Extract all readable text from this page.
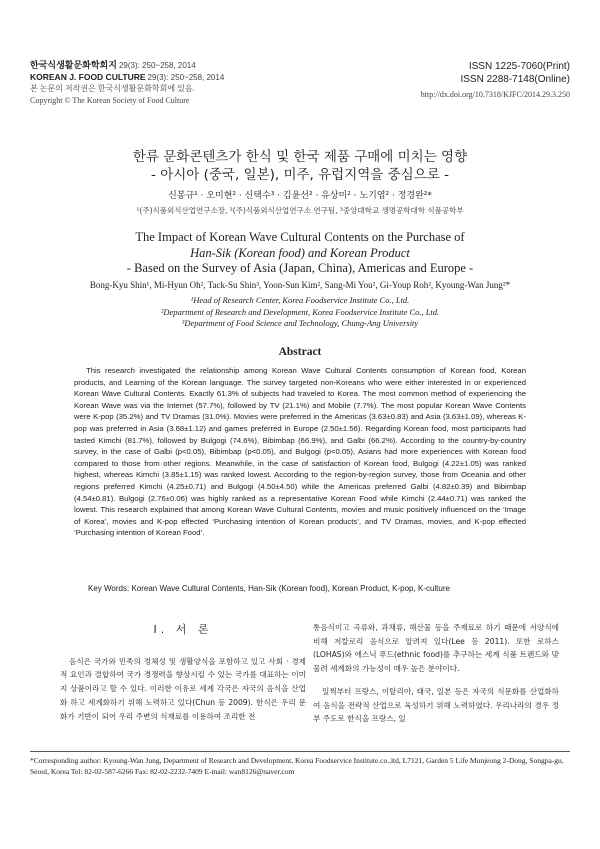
한국식생활문화학회지 29(3): 250~258, 2014
KOREAN J. FOOD CULTURE 29(3): 250~258, 2014
본 논문의 저작권은 한국식생활문화학회에 있음.
Copyright © The Korean Society of Food Culture
ISSN 1225-7060(Print)
ISSN 2288-7148(Online)
http://dx.doi.org/10.7318/KJFC/2014.29.3.250
한류 문화콘텐츠가 한식 및 한국 제품 구매에 미치는 영향
- 아시아 (중국, 일본), 미주, 유럽지역을 중심으로 -
신봉규¹ · 오미현² · 신택수³ · 김윤선² · 유상미² · 노기엽² · 정경완²*
¹(주)식품외식산업연구소장, ²(주)식품외식산업연구소 연구팀, ³중앙대학교 생명공학대학 식품공학부
The Impact of Korean Wave Cultural Contents on the Purchase of
Han-Sik (Korean food) and Korean Product
- Based on the Survey of Asia (Japan, China), Americas and Europe -
Bong-Kyu Shin¹, Mi-Hyun Oh², Tack-Su Shin³, Yoon-Sun Kim², Sang-Mi You², Gi-Youp Roh², Kyoung-Wan Jung²*
¹Head of Research Center, Korea Foodservice Institute Co., Ltd.
²Department of Research and Development, Korea Foodservice Institute Co., Ltd.
³Department of Food Science and Technology, Chung-Ang University
Abstract

This research investigated the relationship among Korean Wave Cultural Contents consumption of Korean food, Korean products, and Learning of the Korean language. The survey targeted non-Koreans who were either interested in or experienced Korean Wave Cultural Contents. Exactly 61.3% of subjects had traveled to Korea. The most common method of experiencing the Korean Wave was via the Internet (57.7%), followed by TV (21.1%) and Mobile (7.7%). The most popular Korean Wave Contents were K-pop (35.2%) and TV Dramas (31.0%). Movies were preferred in the Americas (3.63±0.83) and Asia (3.63±1.09), whereas K-pop was preferred in Asia (3.68±1.12) and games preferred in Europe (2.50±1.56). Regarding Korean food, most participants had tasted Kimchi (81.7%), followed by Bulgogi (74.6%), Bibimbap (66.9%), and Galbi (66.2%). According to the country-by-country survey, in the case of Galbi (p<0.05), Bibimbap (p<0.05), and Bulgogi (p<0.05), Asians had more experiences with Korean food compared to those from other regions. Meanwhile, in the case of satisfaction of Korean food, Bulgogi (4.22±1.05) was ranked highest, whereas Kimchi (3.85±1.15) was ranked lowest. According to the region-by-region survey, those from Oceania and other regions preferred Kimchi (4.25±0.71) and Bulgogi (4.50±4.50) while the Americas preferred Galbi (4.82±0.39) and Bibimbap (4.54±0.81). Bulgogi (2.76±0.06) was highly ranked as a representative Korean Food while Kimchi (2.44±0.71) was ranked the lowest. This research explained that among Korean Wave Cultural Contents, movies and music positively influenced on the ‘Image of Korea’, movies and K-pop effected ‘Purchasing intention of Korean products’, and TV Dramas, movies, and K-pop effected ‘Purchasing intention of Korean Food’.

Key Words: Korean Wave Cultural Contents, Han-Sik (Korean food), Korean Product, K-pop, K-culture
I. 서 론

음식은 국가와 민족의 정체성 및 생활양식을 포함하고 있고 사회 · 경제적 요인과 결합하여 국가 경쟁력을 향상시킬 수 있는 국가를 대표하는 이미지 상품이라고 할 수 있다. 이러한 이유로 세계 각국은 자국의 음식을 산업화 하고 세계화하기 위해 노력하고 있다(Chun 등 2009). 한식은 우리 문화가 기반이 되어 우리 주변의 식재료를 이용하여 조리한 전

통음식이고 곡류와, 과채류, 해산물 등을 주재료로 하기 때문에 서양식에 비해 저칼로리 음식으로 알려져 있다(Lee 등 2011). 또한 로하스(LOHAS)와 에스닉 푸드(ethnic food)를 추구하는 세계 식품 트렌드와 맞물려 세계화의 가능성이 매우 높은 분야이다.

일찍부터 프랑스, 이탈리아, 태국, 일본 등은 자국의 식문화를 산업화하여 음식을 전략적 산업으로 육성하기 위해 노력하였다. 우리나라의 경우 정부 주도로 한식을 프랑스, 일

*Corresponding author: Kyoung-Wan Jung, Department of Research and Development, Korea Foodservice Institute.co.,ltd, L7121, Garden 5 Life Munjeong 2-Dong, Songpa-gu, Seoul, Korea Tel: 82-02-587-6266 Fax: 82-02-2232-7409 E-mail: wan8126@naver.com
